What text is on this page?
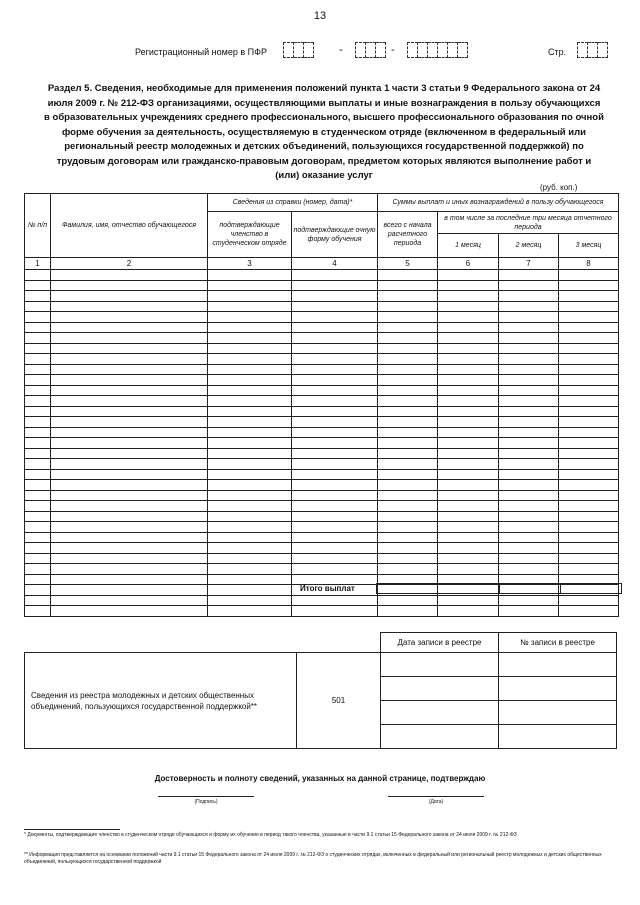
13
Регистрационный номер в ПФР	-	-	Стр.
Раздел 5. Сведения, необходимые для применения положений пункта 1 части 3 статьи 9 Федерального закона от 24 июля 2009 г. № 212-ФЗ организациями, осуществляющими выплаты и иные вознаграждения в пользу обучающихся в образовательных учреждениях среднего профессионального, высшего профессионального образования по очной форме обучения за деятельность, осуществляемую в студенческом отряде (включенном в федеральный или региональный реестр молодежных и детских объединений, пользующихся государственной поддержкой) по трудовым договорам или гражданско-правовым договорам, предметом которых являются выполнение работ и (или) оказание услуг
(руб. коп.)
№ п/п	Фамилия, имя, отчество обучающегося	Сведения из справки (номер, дата)*		Суммы выплат и иных вознаграждений в пользу обучающегося			
		подтверждающие членство в студенческом отряде	подтверждающие очную форму обучения	всего с начала расчетного периода	в том числе за последние три месяца отчетного периода		
					1 месяц	2 месяц	3 месяц
1	2	3	4	5	6	7	8

Итого выплат

		Дата записи в реестре	№ записи в реестре
Сведения из реестра молодежных и детских общественных объединений, пользующихся государственной поддержкой**	501		

Достоверность и полноту сведений, указанных на данной странице, подтверждаю
(Подпись)	(Дата)
* Документы, подтверждающие членство в студенческом отряде обучающихся и форму их обучения в период такого членства, указанные в части 9.1 статьи 15 Федерального закона от 24 июля 2009 г. № 212-ФЗ
** Информация представляется на основании положений части 9.1 статьи 15 Федерального закона от 24 июля 2009 г. № 212-ФЗ о студенческих отрядах, включенных в федеральный или региональный реестр молодежных и детских общественных объединений, пользующихся государственной поддержкой
